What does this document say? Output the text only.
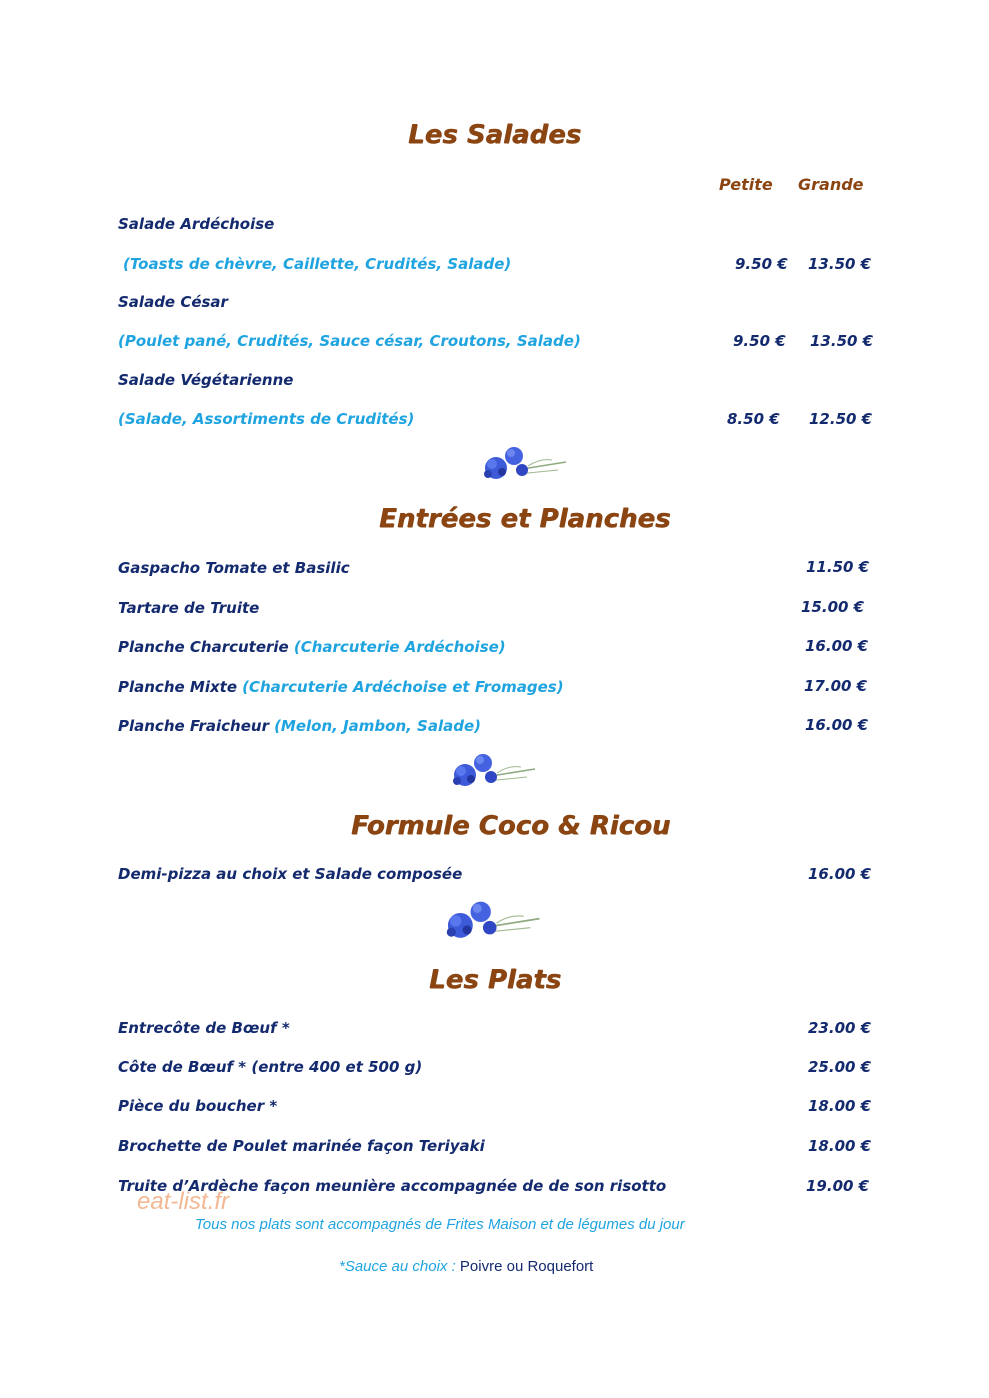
Les Salades
Petite Grande
Salade Ardéchoise
(Toasts de chèvre, Caillette, Crudités, Salade)	9.50 € 13.50 €
Salade César
(Poulet pané, Crudités, Sauce césar, Croutons, Salade)	9.50 € 13.50 €
Salade Végétarienne
(Salade, Assortiments de Crudités)	8.50 € 12.50 €
Entrées et Planches
Gaspacho Tomate et Basilic	11.50 €
Tartare de Truite	15.00 €
Planche Charcuterie (Charcuterie Ardéchoise)	16.00 €
Planche Mixte (Charcuterie Ardéchoise et Fromages)	17.00 €
Planche Fraicheur (Melon, Jambon, Salade)	16.00 €
Formule Coco & Ricou
Demi-pizza au choix et Salade composée	16.00 €
Les Plats
Entrecôte de Bœuf *	23.00 €
Côte de Bœuf * (entre 400 et 500 g)	25.00 €
Pièce du boucher *	18.00 €
Brochette de Poulet marinée façon Teriyaki	18.00 €
Truite d’Ardèche façon meunière accompagnée de de son risotto	19.00 €
eat-list.fr
Tous nos plats sont accompagnés de Frites Maison et de légumes du jour
*Sauce au choix : Poivre ou Roquefort
